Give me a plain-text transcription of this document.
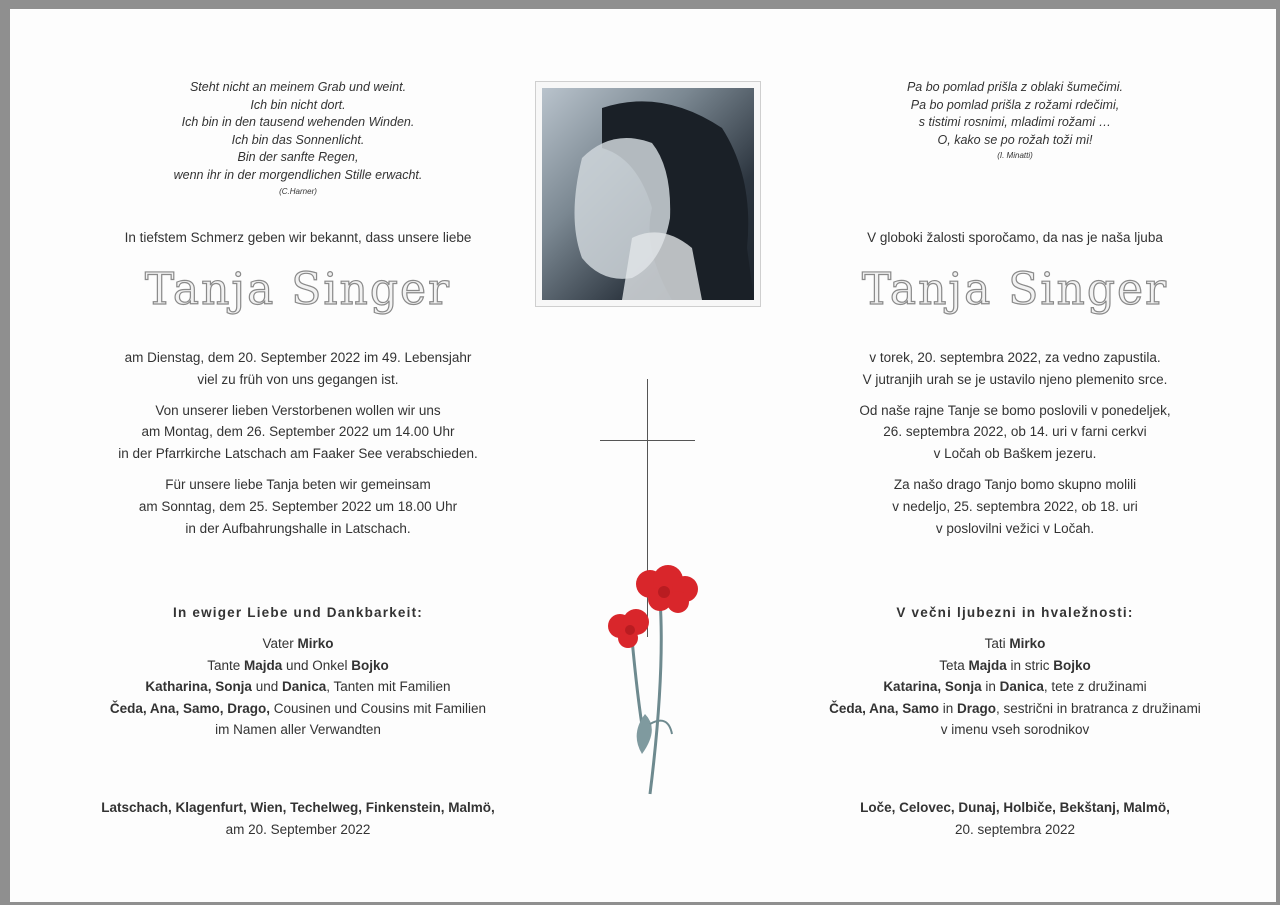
Steht nicht an meinem Grab und weint.
Ich bin nicht dort.
Ich bin in den tausend wehenden Winden.
Ich bin das Sonnenlicht.
Bin der sanfte Regen,
wenn ihr in der morgendlichen Stille erwacht.
(C.Harner)
In tiefstem Schmerz geben wir bekannt, dass unsere liebe
Tanja Singer

am Dienstag, dem 20. September 2022 im 49. Lebensjahr
viel zu früh von uns gegangen ist.

Von unserer lieben Verstorbenen wollen wir uns
am Montag, dem 26. September 2022 um 14.00 Uhr
in der Pfarrkirche Latschach am Faaker See verabschieden.

Für unsere liebe Tanja beten wir gemeinsam
am Sonntag, dem 25. September 2022 um 18.00 Uhr
in der Aufbahrungshalle in Latschach.

In ewiger Liebe und Dankbarkeit:
Vater Mirko
Tante Majda und Onkel Bojko
Katharina, Sonja und Danica, Tanten mit Familien
Čeda, Ana, Samo, Drago, Cousinen und Cousins mit Familien
im Namen aller Verwandten
Latschach, Klagenfurt, Wien, Techelweg, Finkenstein, Malmö,
am 20. September 2022
Pa bo pomlad prišla z oblaki šumečimi.
Pa bo pomlad prišla z rožami rdečimi,
s tistimi rosnimi, mladimi rožami …
O, kako se po rožah toži mi!
(I. Minatti)
V globoki žalosti sporočamo, da nas je naša ljuba
Tanja Singer

v torek, 20. septembra 2022, za vedno zapustila.
V jutranjih urah se je ustavilo njeno plemenito srce.

Od naše rajne Tanje se bomo poslovili v ponedeljek,
26. septembra 2022, ob 14. uri v farni cerkvi
v Ločah ob Baškem jezeru.

Za našo drago Tanjo bomo skupno molili
v nedeljo, 25. septembra 2022, ob 18. uri
v poslovilni vežici v Ločah.

V večni ljubezni in hvaležnosti:
Tati Mirko
Teta Majda in stric Bojko
Katarina, Sonja in Danica, tete z družinami
Čeda, Ana, Samo in Drago, sestrični in bratranca z družinami
v imenu vseh sorodnikov
Loče, Celovec, Dunaj, Holbiče, Bekštanj, Malmö,
20. septembra 2022
